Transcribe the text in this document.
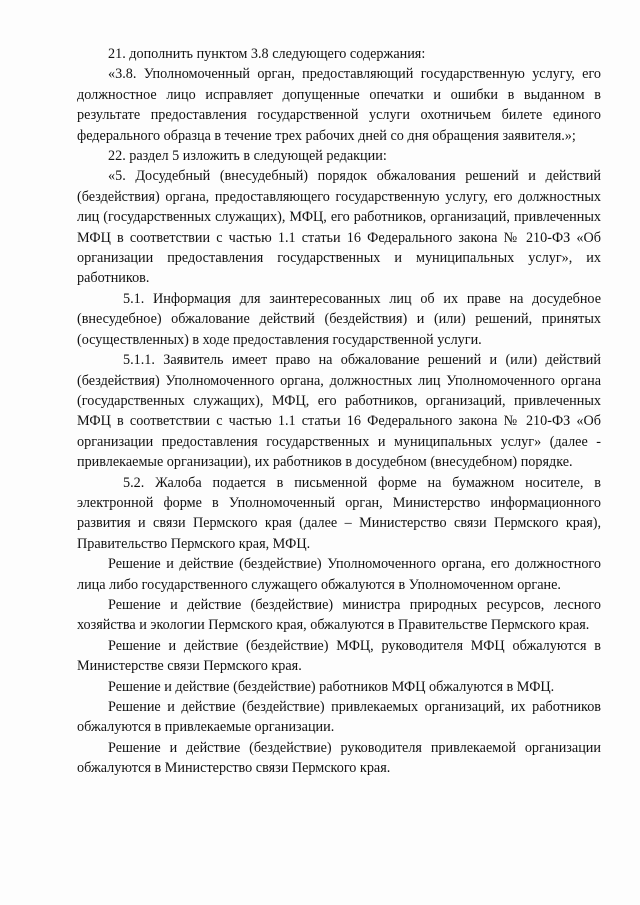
21. дополнить пунктом 3.8 следующего содержания:

«3.8. Уполномоченный орган, предоставляющий государственную услугу, его должностное лицо исправляет допущенные опечатки и ошибки в выданном в результате предоставления государственной услуги охотничьем билете единого федерального образца в течение трех рабочих дней со дня обращения заявителя.»;

22. раздел 5 изложить в следующей редакции:

«5. Досудебный (внесудебный) порядок обжалования решений и действий (бездействия) органа, предоставляющего государственную услугу, его должностных лиц (государственных служащих), МФЦ, его работников, организаций, привлеченных МФЦ в соответствии с частью 1.1 статьи 16 Федерального закона № 210-ФЗ «Об организации предоставления государственных и муниципальных услуг», их работников.

5.1. Информация для заинтересованных лиц об их праве на досудебное (внесудебное) обжалование действий (бездействия) и (или) решений, принятых (осуществленных) в ходе предоставления государственной услуги.

5.1.1. Заявитель имеет право на обжалование решений и (или) действий (бездействия) Уполномоченного органа, должностных лиц Уполномоченного органа (государственных служащих), МФЦ, его работников, организаций, привлеченных МФЦ в соответствии с частью 1.1 статьи 16 Федерального закона № 210-ФЗ «Об организации предоставления государственных и муниципальных услуг» (далее - привлекаемые организации), их работников в досудебном (внесудебном) порядке.

5.2. Жалоба подается в письменной форме на бумажном носителе, в электронной форме в Уполномоченный орган, Министерство информационного развития и связи Пермского края (далее – Министерство связи Пермского края), Правительство Пермского края, МФЦ.

Решение и действие (бездействие) Уполномоченного органа, его должностного лица либо государственного служащего обжалуются в Уполномоченном органе.

Решение и действие (бездействие) министра природных ресурсов, лесного хозяйства и экологии Пермского края, обжалуются в Правительстве Пермского края.

Решение и действие (бездействие) МФЦ, руководителя МФЦ обжалуются в Министерстве связи Пермского края.

Решение и действие (бездействие) работников МФЦ обжалуются в МФЦ.

Решение и действие (бездействие) привлекаемых организаций, их работников обжалуются в привлекаемые организации.

Решение и действие (бездействие) руководителя привлекаемой организации обжалуются в Министерство связи Пермского края.
